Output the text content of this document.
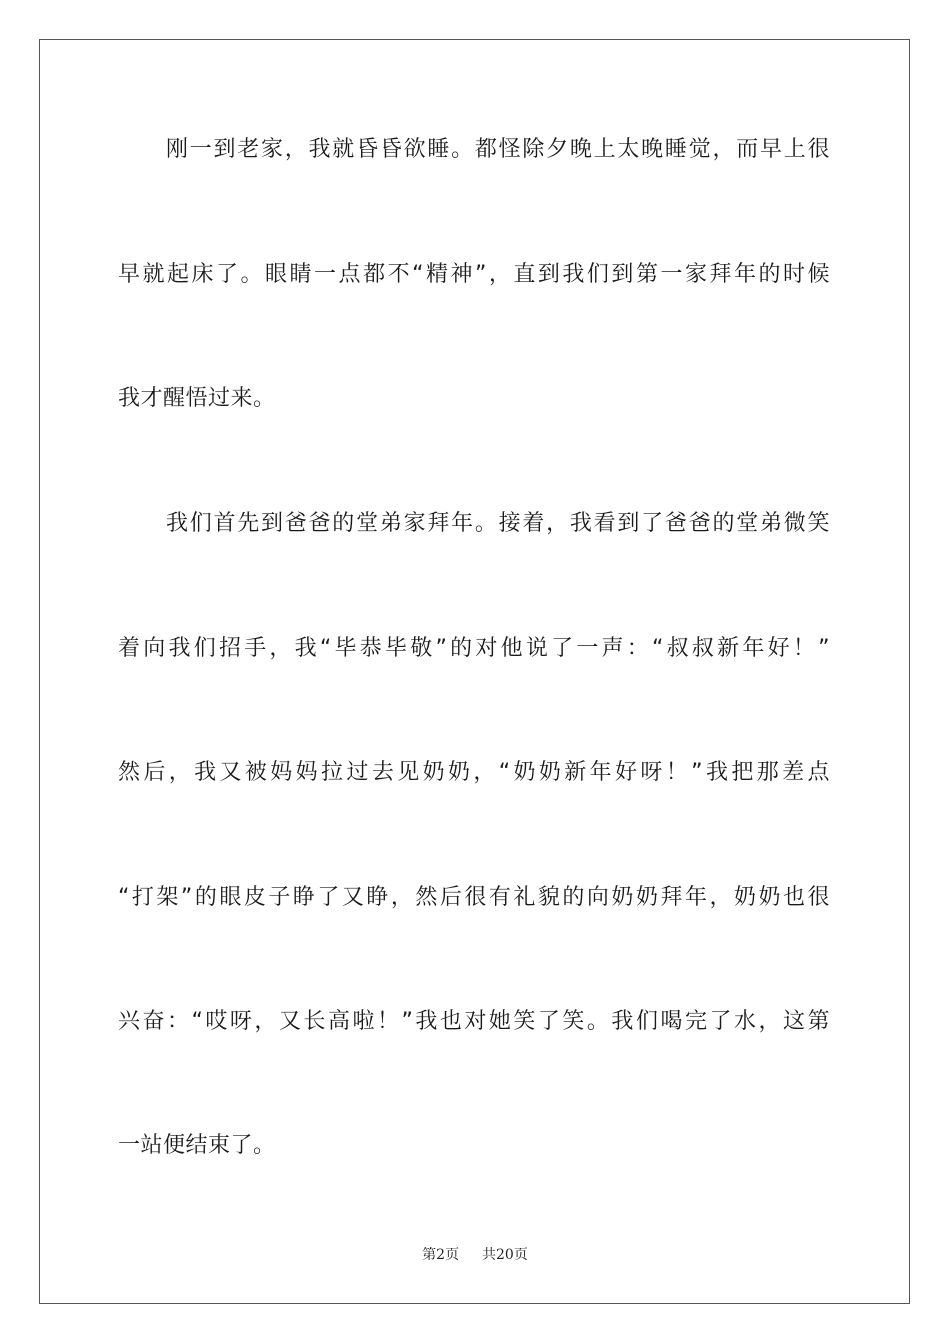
刚一到老家，我就昏昏欲睡。都怪除夕晚上太晚睡觉，而早上很
早就起床了。眼睛一点都不“精神”，直到我们到第一家拜年的时候
我才醒悟过来。
我们首先到爸爸的堂弟家拜年。接着，我看到了爸爸的堂弟微笑
着向我们招手，我“毕恭毕敬”的对他说了一声：“叔叔新年好！”
然后，我又被妈妈拉过去见奶奶，“奶奶新年好呀！”我把那差点
“打架”的眼皮子睁了又睁，然后很有礼貌的向奶奶拜年，奶奶也很
兴奋：“哎呀，又长高啦！”我也对她笑了笑。我们喝完了水，这第
一站便结束了。
第2页 共20页
